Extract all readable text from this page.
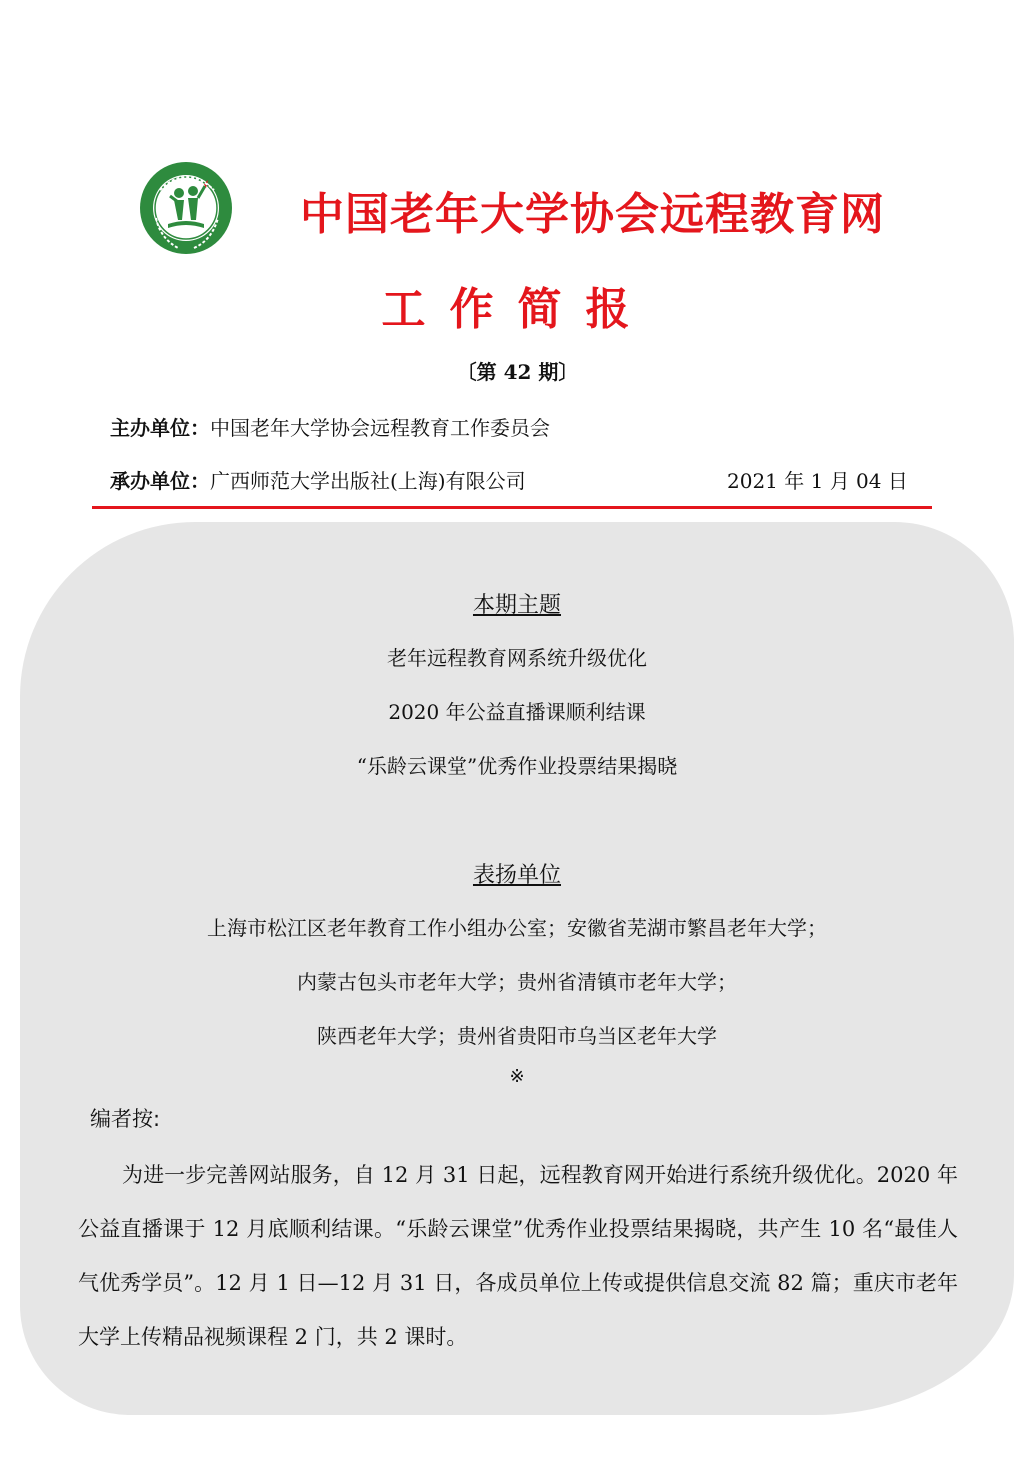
中国老年大学协会远程教育网
工作简报
〔第 42 期〕
主办单位：中国老年大学协会远程教育工作委员会
承办单位：广西师范大学出版社(上海)有限公司	2021 年 1 月 04 日
本期主题
老年远程教育网系统升级优化
2020 年公益直播课顺利结课
“乐龄云课堂”优秀作业投票结果揭晓
表扬单位
上海市松江区老年教育工作小组办公室；安徽省芜湖市繁昌老年大学；
内蒙古包头市老年大学；贵州省清镇市老年大学；
陕西老年大学；贵州省贵阳市乌当区老年大学
※
编者按:
为进一步完善网站服务，自 12 月 31 日起，远程教育网开始进行系统升级优化。2020 年公益直播课于 12 月底顺利结课。“乐龄云课堂”优秀作业投票结果揭晓，共产生 10 名“最佳人气优秀学员”。12 月 1 日—12 月 31 日，各成员单位上传或提供信息交流 82 篇；重庆市老年大学上传精品视频课程 2 门，共 2 课时。
